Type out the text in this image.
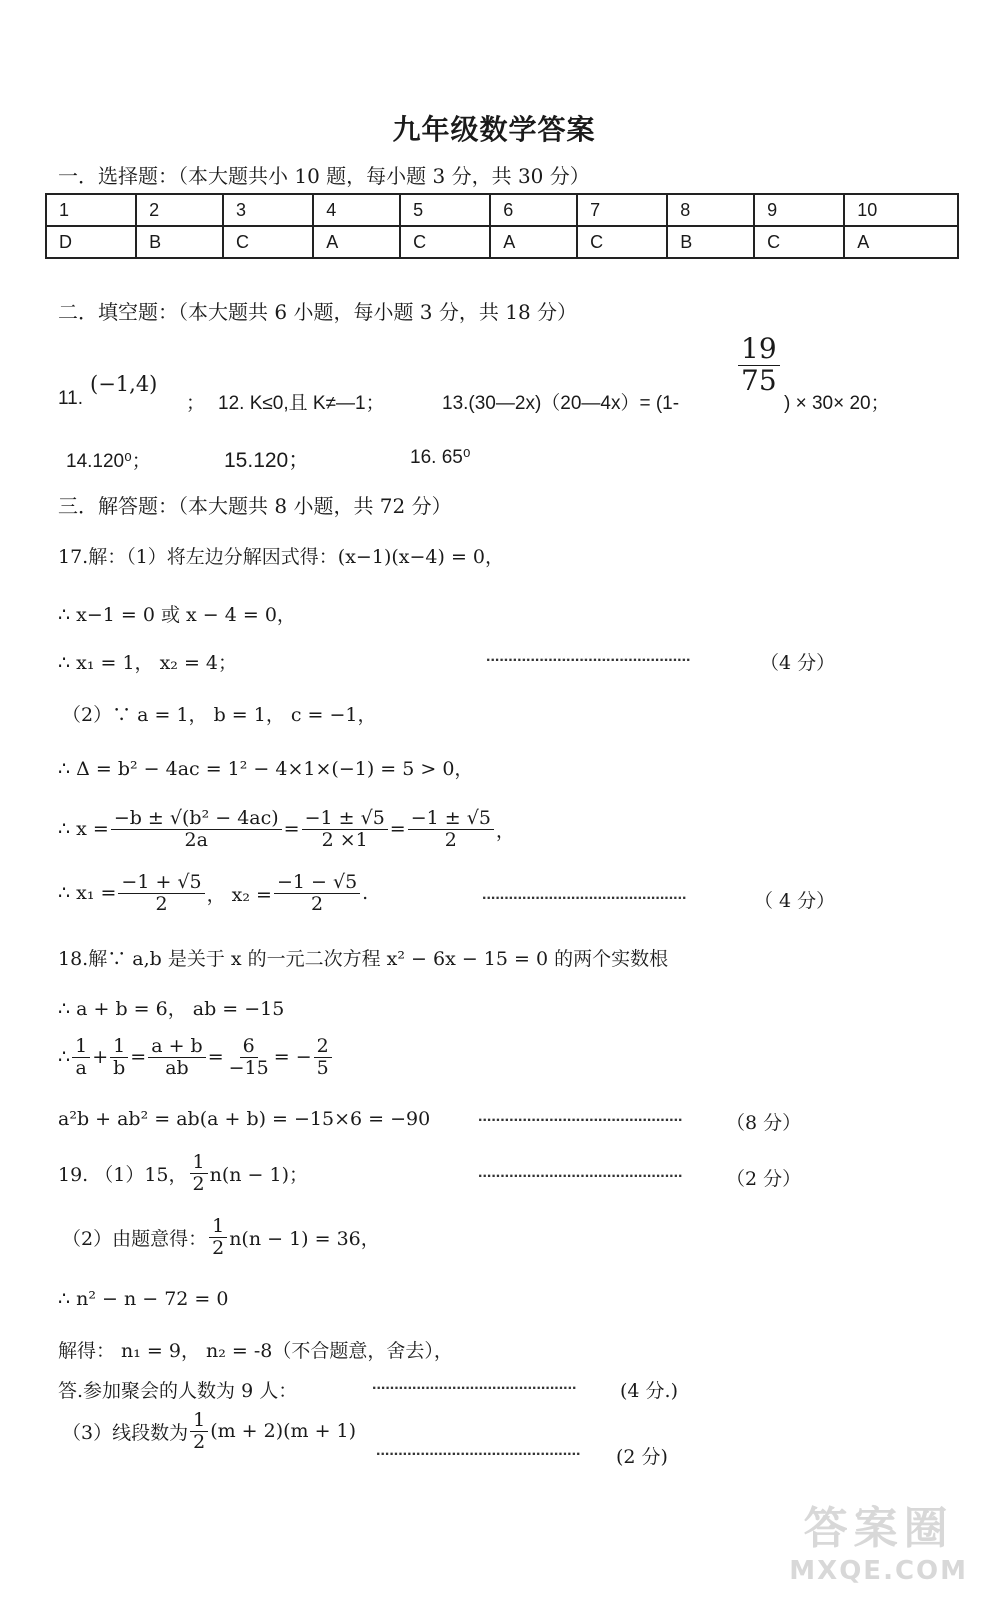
九年级数学答案
一．选择题：（本大题共小 10 题，每小题 3 分，共 30 分）
1	2	3	4	5	6	7	8	9	10
D	B	C	A	C	A	C	B	C	A
二．填空题：（本大题共 6 小题，每小题 3 分，共 18 分）
11.
(−1,4)
； 12. K≤0,且 K≠—1；	13.(30—2x)（20—4x）= (1-
$\frac{19}{75}$
) × 30× 20；
14.120⁰；	15.120；	16. 65⁰
三．解答题：（本大题共 8 小题，共 72 分）
17.解：（1）将左边分解因式得：(x−1)(x−4) = 0，
∴ x−1 = 0 或 x − 4 = 0，
∴ x₁ = 1， x₂ = 4；	..............................................	（4 分）
（2）∵ a = 1， b = 1， c = −1，
∴ Δ = b² − 4ac = 1² − 4×1×(−1) = 5 > 0，
∴ $x = \frac{\text{−b ± √(b² − 4ac)}}{2a} = \frac{-1 \pm √5}{2 \times 1} = \frac{-1 \pm √5}{2}$ ，
∴ $x_1 = \frac{-1 + √5}{2}$ ， $x_2 = \frac{-1 - √5}{2}$ .	..............................................	（ 4 分）
18.解∵ a,b 是关于 x 的一元二次方程 x² − 6x − 15 = 0 的两个实数根
∴ a + b = 6， ab = −15
∴ $\frac{1}{a} + \frac{1}{b} = \frac{a + b}{ab} = \frac{6}{-15}$ = − $\frac{2}{5}$
a²b + ab² = ab(a + b) = −15×6 = −90	.............................................. （8 分）
19. （1）15， $\frac{1}{2} n(n - 1)$；	.............................................. （2 分）
（2）由题意得： $\frac{1}{2} n(n - 1) = 36$，
∴ n² − n − 72 = 0
解得： n₁ = 9， n₂ = -8（不合题意，舍去），
答.参加聚会的人数为 9 人：	.............................................. (4 分.)
（3）线段数为 $\frac{1}{2} (m + 2)(m + 1)$
.............................................. (2 分)
答案圈
MXQE.COM
